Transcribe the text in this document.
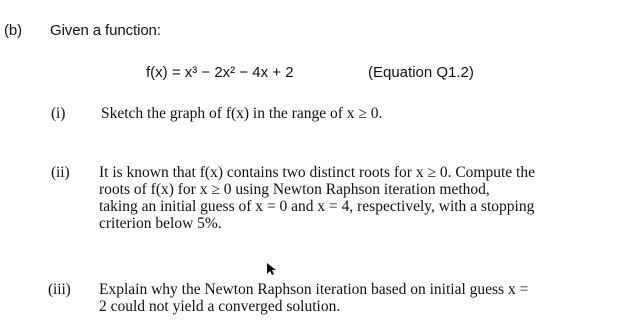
(b) Given a function:
f(x) = x³ − 2x² − 4x + 2	(Equation Q1.2)
(i) Sketch the graph of f(x) in the range of x ≥ 0.
(ii) It is known that f(x) contains two distinct roots for x ≥ 0. Compute the
roots of f(x) for x ≥ 0 using Newton Raphson iteration method,
taking an initial guess of x = 0 and x = 4, respectively, with a stopping
criterion below 5%.
(iii) Explain why the Newton Raphson iteration based on initial guess x =
2 could not yield a converged solution.
